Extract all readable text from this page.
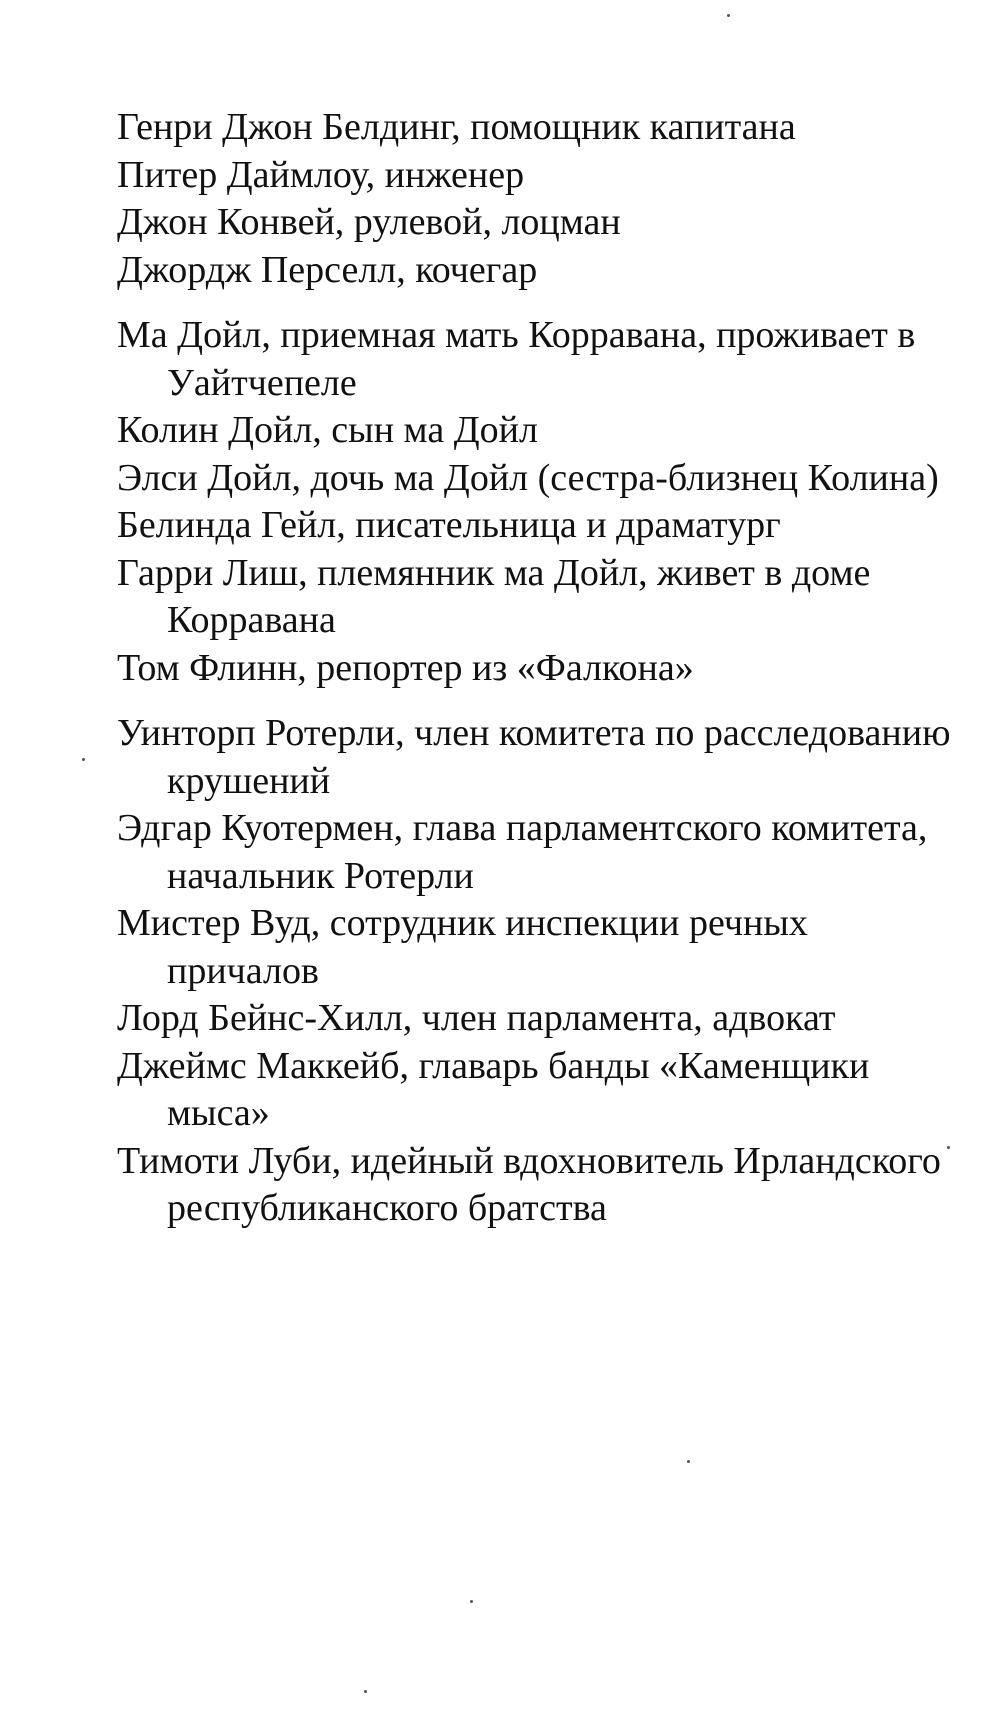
Генри Джон Белдинг, помощник капитана

Питер Даймлоу, инженер

Джон Конвей, рулевой, лоцман

Джордж Перселл, кочегар

Ма Дойл, приемная мать Корравана, проживает в Уайтчепеле

Колин Дойл, сын ма Дойл

Элси Дойл, дочь ма Дойл (сестра-близнец Колина)

Белинда Гейл, писательница и драматург

Гарри Лиш, племянник ма Дойл, живет в доме Корравана

Том Флинн, репортер из «Фалкона»

Уинторп Ротерли, член комитета по расследованию крушений

Эдгар Куотермен, глава парламентского комитета, начальник Ротерли

Мистер Вуд, сотрудник инспекции речных причалов

Лорд Бейнс-Хилл, член парламента, адвокат

Джеймс Маккейб, главарь банды «Каменщики мыса»

Тимоти Луби, идейный вдохновитель Ирландского республиканского братства
